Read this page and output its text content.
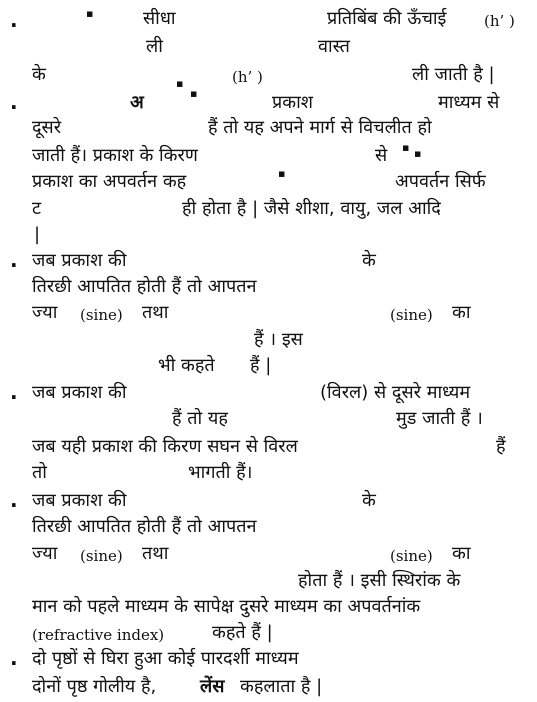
.
.
.
.
.
.
▪
▪
▪
▪ ▪
▪
सीधा	प्रतिबिंब की ऊँचाई	(h’ )
ली	वास्त
के	(h’ )	ली जाती है |
अ	प्रकाश	माध्यम से
दूसरे	हैं तो यह अपने मार्ग से विचलीत हो
जाती हैं। प्रकाश के किरण	से
प्रकाश का अपवर्तन कह	अपवर्तन सिर्फ
ट	ही होता है | जैसे शीशा, वायु, जल आदि
|
जब प्रकाश की	के
तिरछी आपतित होती हैं तो आपतन
ज्या (sine) तथा	(sine) का
हैं । इस
भी कहते हैं |
जब प्रकाश की	(विरल) से दूसरे माध्यम
हैं तो यह	मुड जाती हैं ।
जब यही प्रकाश की किरण सघन से विरल	हैं
तो	भागती हैं।
जब प्रकाश की	के
तिरछी आपतित होती हैं तो आपतन
ज्या (sine) तथा	(sine) का
होता हैं । इसी स्थिरांक के
मान को पहले माध्यम के सापेक्ष दुसरे माध्यम का अपवर्तनांक
(refractive index)	कहते हैं |
दो पृष्ठों से घिरा हुआ कोई पारदर्शी माध्यम
दोनों पृष्ठ गोलीय है, लेंस कहलाता है |
